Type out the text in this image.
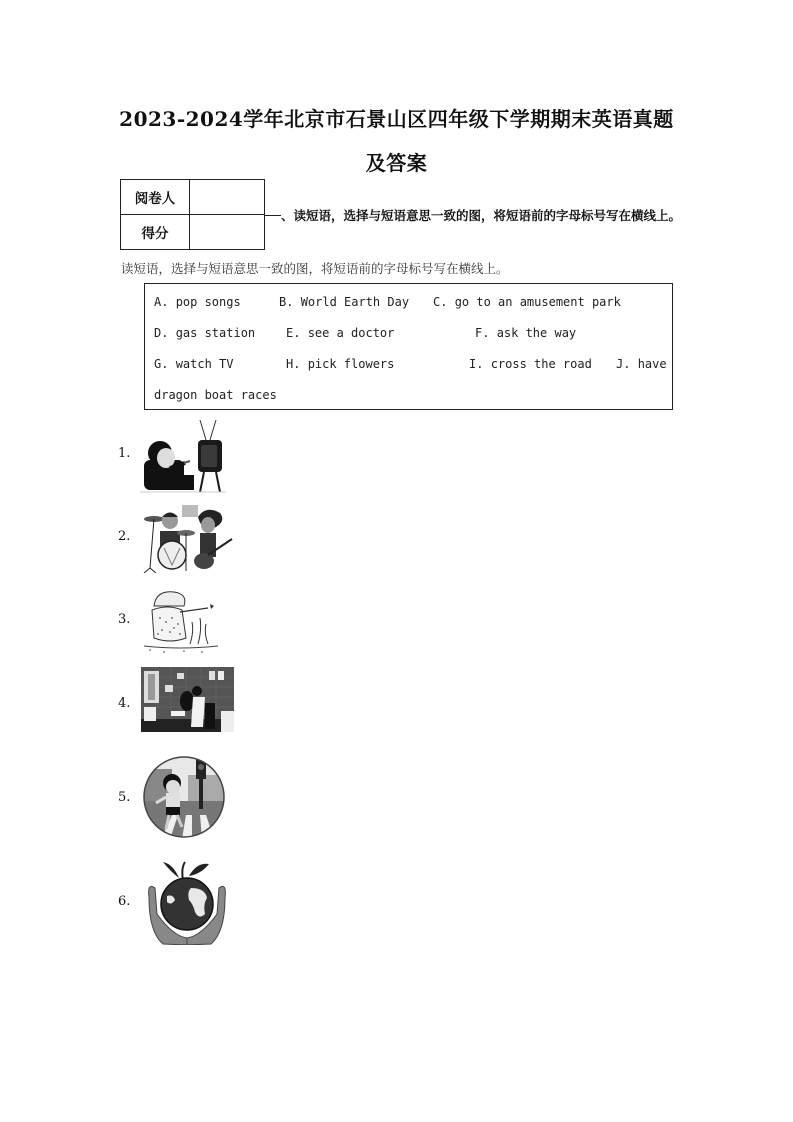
2023-2024学年北京市石景山区四年级下学期期末英语真题
及答案
阅卷人	
得分	
、读短语，选择与短语意思一致的图，将短语前的字母标号写在横线上。
读短语，选择与短语意思一致的图，将短语前的字母标号写在横线上。
A. pop songs	B. World Earth Day C. go to an amusement park
D. gas station	E. see a doctor	F. ask the way
G. watch TV	H. pick flowers	I. cross the road J. have
dragon boat races
1.
2.
3.
4.
5.
6.
